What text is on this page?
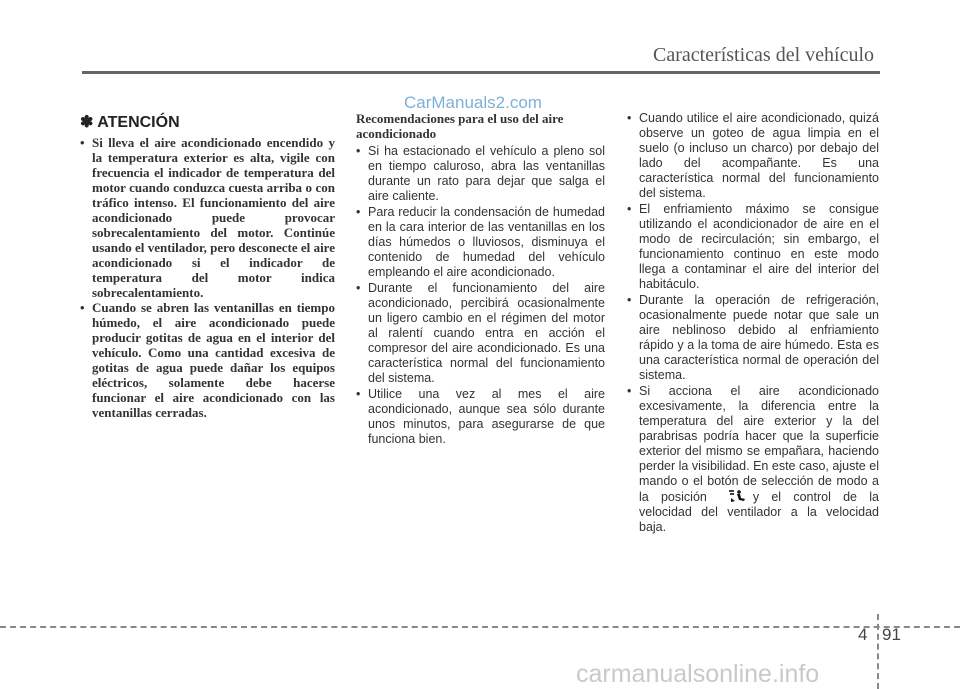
Características del vehículo
CarManuals2.com
✽ ATENCIÓN
• Si lleva el aire acondicionado encendido y la temperatura exterior es alta, vigile con frecuencia el indicador de temperatura del motor cuando conduzca cuesta arriba o con tráfico intenso. El funcionamiento del aire acondicionado puede provocar sobrecalentamiento del motor. Continúe usando el ventilador, pero desconecte el aire acondicionado si el indicador de temperatura del motor indica sobrecalentamiento.
• Cuando se abren las ventanillas en tiempo húmedo, el aire acondicionado puede producir gotitas de agua en el interior del vehículo. Como una cantidad excesiva de gotitas de agua puede dañar los equipos eléctricos, solamente debe hacerse funcionar el aire acondicionado con las ventanillas cerradas.
Recomendaciones para el uso del aire acondicionado
• Si ha estacionado el vehículo a pleno sol en tiempo caluroso, abra las ventanillas durante un rato para dejar que salga el aire caliente.
• Para reducir la condensación de humedad en la cara interior de las ventanillas en los días húmedos o lluviosos, disminuya el contenido de humedad del vehículo empleando el aire acondicionado.
• Durante el funcionamiento del aire acondicionado, percibirá ocasionalmente un ligero cambio en el régimen del motor al ralentí cuando entra en acción el compresor del aire acondicionado. Es una característica normal del funcionamiento del sistema.
• Utilice una vez al mes el aire acondicionado, aunque sea sólo durante unos minutos, para asegurarse de que funciona bien.
• Cuando utilice el aire acondicionado, quizá observe un goteo de agua limpia en el suelo (o incluso un charco) por debajo del lado del acompañante. Es una característica normal del funcionamiento del sistema.
• El enfriamiento máximo se consigue utilizando el acondicionador de aire en el modo de recirculación; sin embargo, el funcionamiento continuo en este modo llega a contaminar el aire del interior del habitáculo.
• Durante la operación de refrigeración, ocasionalmente puede notar que sale un aire neblinoso debido al enfriamiento rápido y a la toma de aire húmedo. Esta es una característica normal de operación del sistema.
• Si acciona el aire acondicionado excesivamente, la diferencia entre la temperatura del aire exterior y la del parabrisas podría hacer que la superficie exterior del mismo se empañara, haciendo perder la visibilidad. En este caso, ajuste el mando o el botón de selección de modo a la posición	y el control de la velocidad del ventilador a la velocidad baja.
4 91
carmanualsonline.info
